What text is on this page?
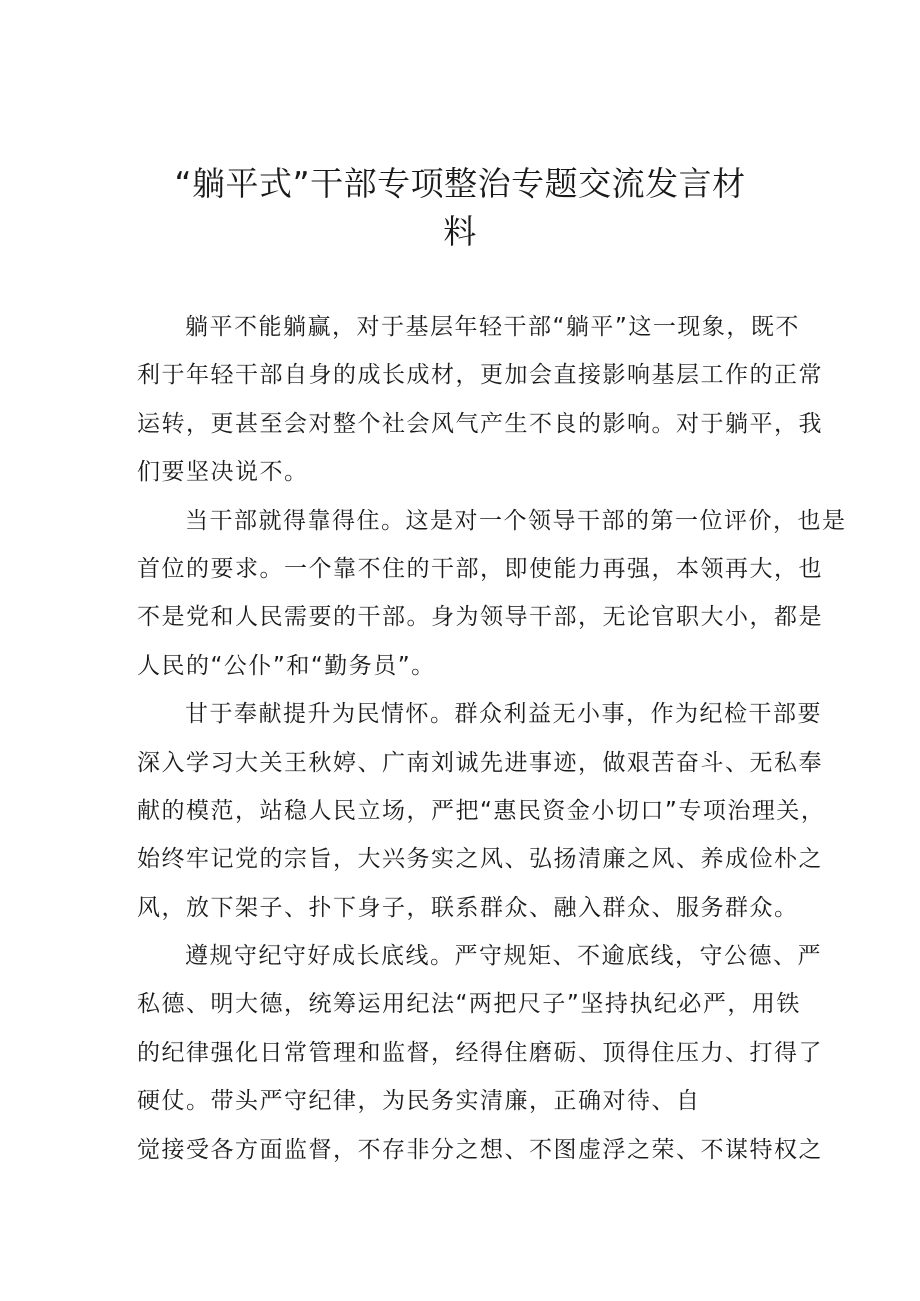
“躺平式”干部专项整治专题交流发言材
料
躺平不能躺赢，对于基层年轻干部“躺平”这一现象，既不
利于年轻干部自身的成长成材，更加会直接影响基层工作的正常
运转，更甚至会对整个社会风气产生不良的影响。对于躺平，我
们要坚决说不。
当干部就得靠得住。这是对一个领导干部的第一位评价，也是
首位的要求。一个靠不住的干部，即使能力再强，本领再大，也
不是党和人民需要的干部。身为领导干部，无论官职大小，都是
人民的“公仆”和“勤务员”。
甘于奉献提升为民情怀。群众利益无小事，作为纪检干部要
深入学习大关王秋婷、广南刘诚先进事迹，做艰苦奋斗、无私奉
献的模范，站稳人民立场，严把“惠民资金小切口”专项治理关，
始终牢记党的宗旨，大兴务实之风、弘扬清廉之风、养成俭朴之
风，放下架子、扑下身子，联系群众、融入群众、服务群众。
遵规守纪守好成长底线。严守规矩、不逾底线，守公德、严
私德、明大德，统筹运用纪法“两把尺子”坚持执纪必严，用铁
的纪律强化日常管理和监督，经得住磨砺、顶得住压力、打得了
硬仗。带头严守纪律，为民务实清廉，正确对待、自
觉接受各方面监督，不存非分之想、不图虚浮之荣、不谋特权之
